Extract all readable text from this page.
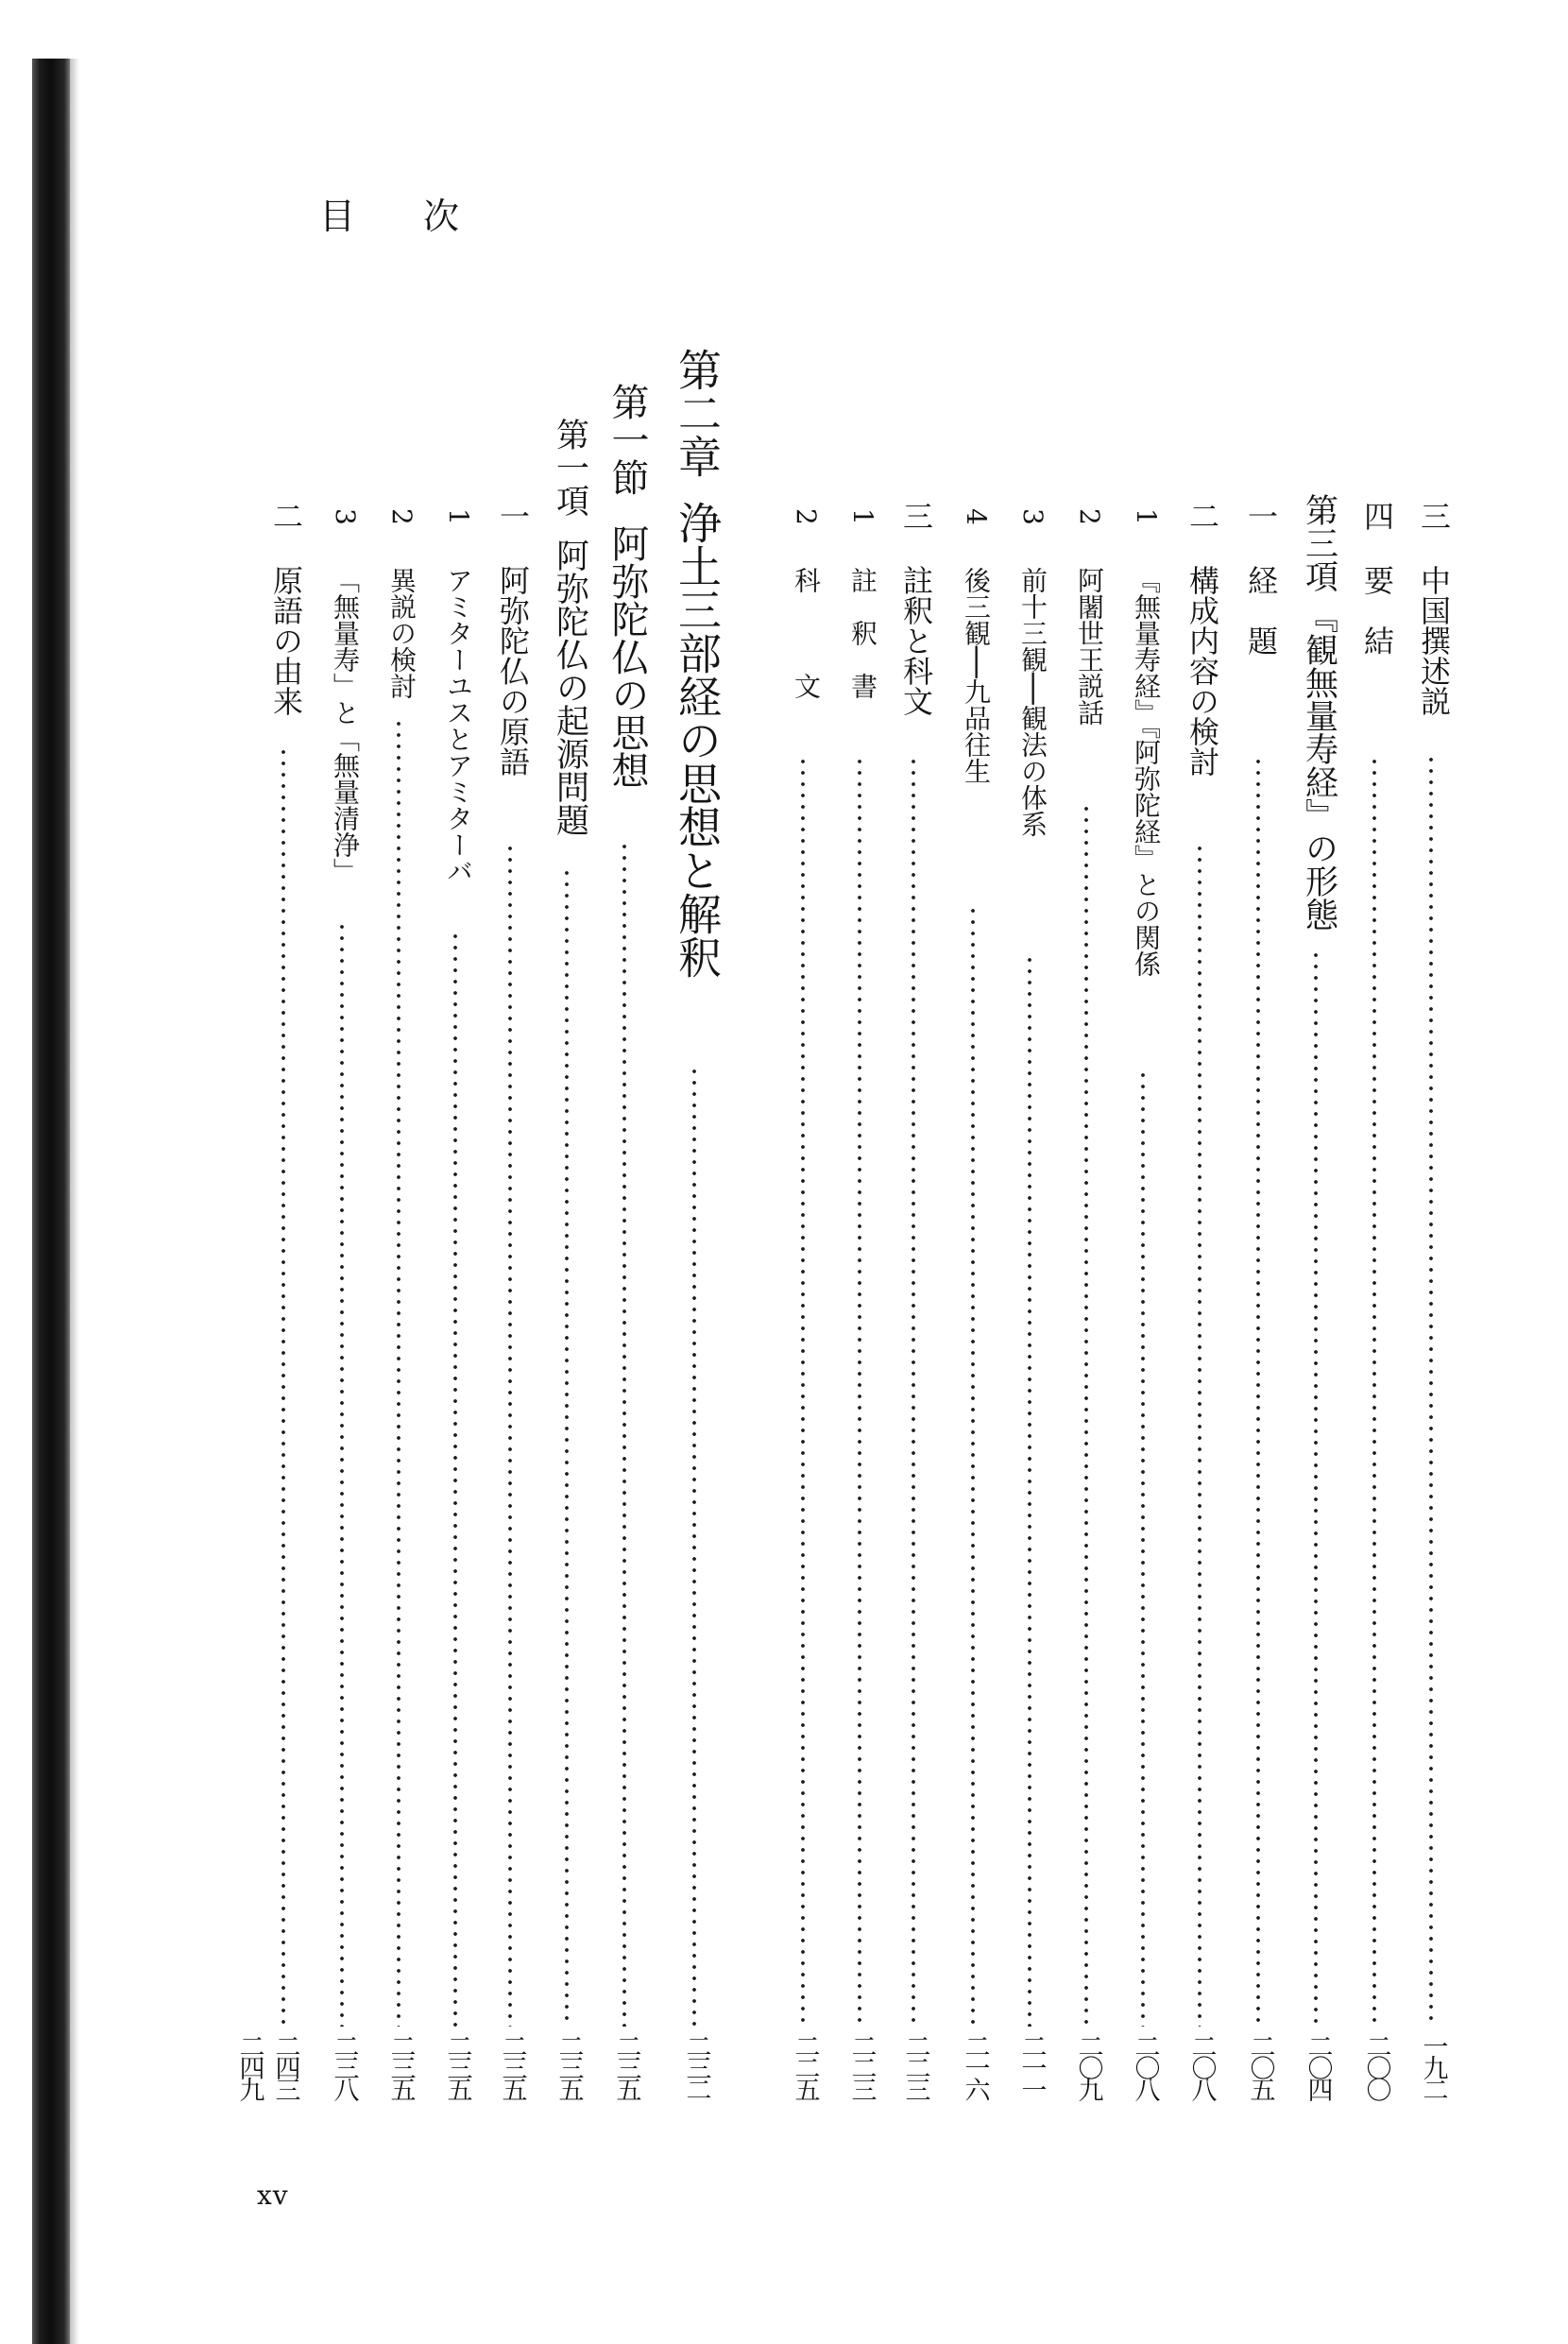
目 次
三
中国撰述説
一九二
四
要　結
二〇〇
第三項
『観無量寿経』の形態
二〇四
一
経　題
二〇五
二
構成内容の検討
二〇八
1
『無量寿経』『阿弥陀経』との関係
二〇八
2
阿闍世王説話
二〇九
3
前十三観──観法の体系
二一一
4
後三観──九品往生
二一六
三
註釈と科文
二二三
1
註　釈　書
二二三
2
科　　　文
二二五
第二章
浄土三部経の思想と解釈
二三二
第一節
阿弥陀仏の思想
二三五
第一項
阿弥陀仏の起源問題
二三五
一
阿弥陀仏の原語
二三五
1
アミターユスとアミターバ
二三五
2
異説の検討
二三五
3
「無量寿」と「無量清浄」
二三八
二
原語の由来
二四三
二四九
xv
